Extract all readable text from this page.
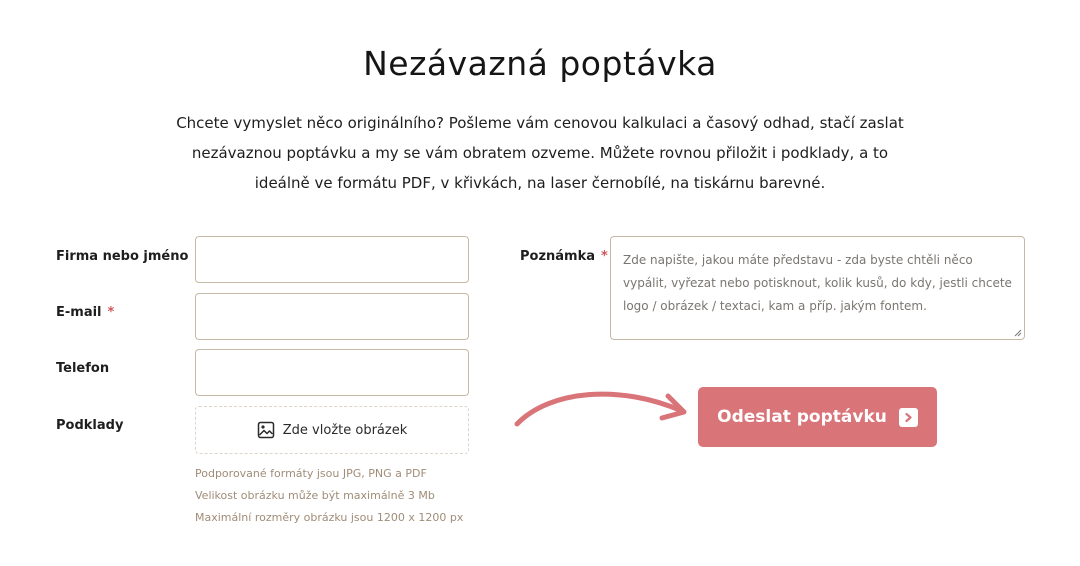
Nezávazná poptávka

Chcete vymyslet něco originálního? Pošleme vám cenovou kalkulaci a časový odhad, stačí zaslat nezávaznou poptávku a my se vám obratem ozveme. Můžete rovnou přiložit i podklady, a to ideálně ve formátu PDF, v křivkách, na laser černobílé, na tiskárnu barevné.

Firma nebo jméno
E-mail *
Telefon
Podklady	Zde vložte obrázek
Podporované formáty jsou JPG, PNG a PDF
Velikost obrázku může být maximálně 3 Mb
Maximální rozměry obrázku jsou 1200 x 1200 px
Poznámka *	Zde napište, jakou máte představu - zda byste chtěli něco vypálit, vyřezat nebo potisknout, kolik kusů, do kdy, jestli chcete logo / obrázek / textaci, kam a příp. jakým fontem.
Odeslat poptávku
